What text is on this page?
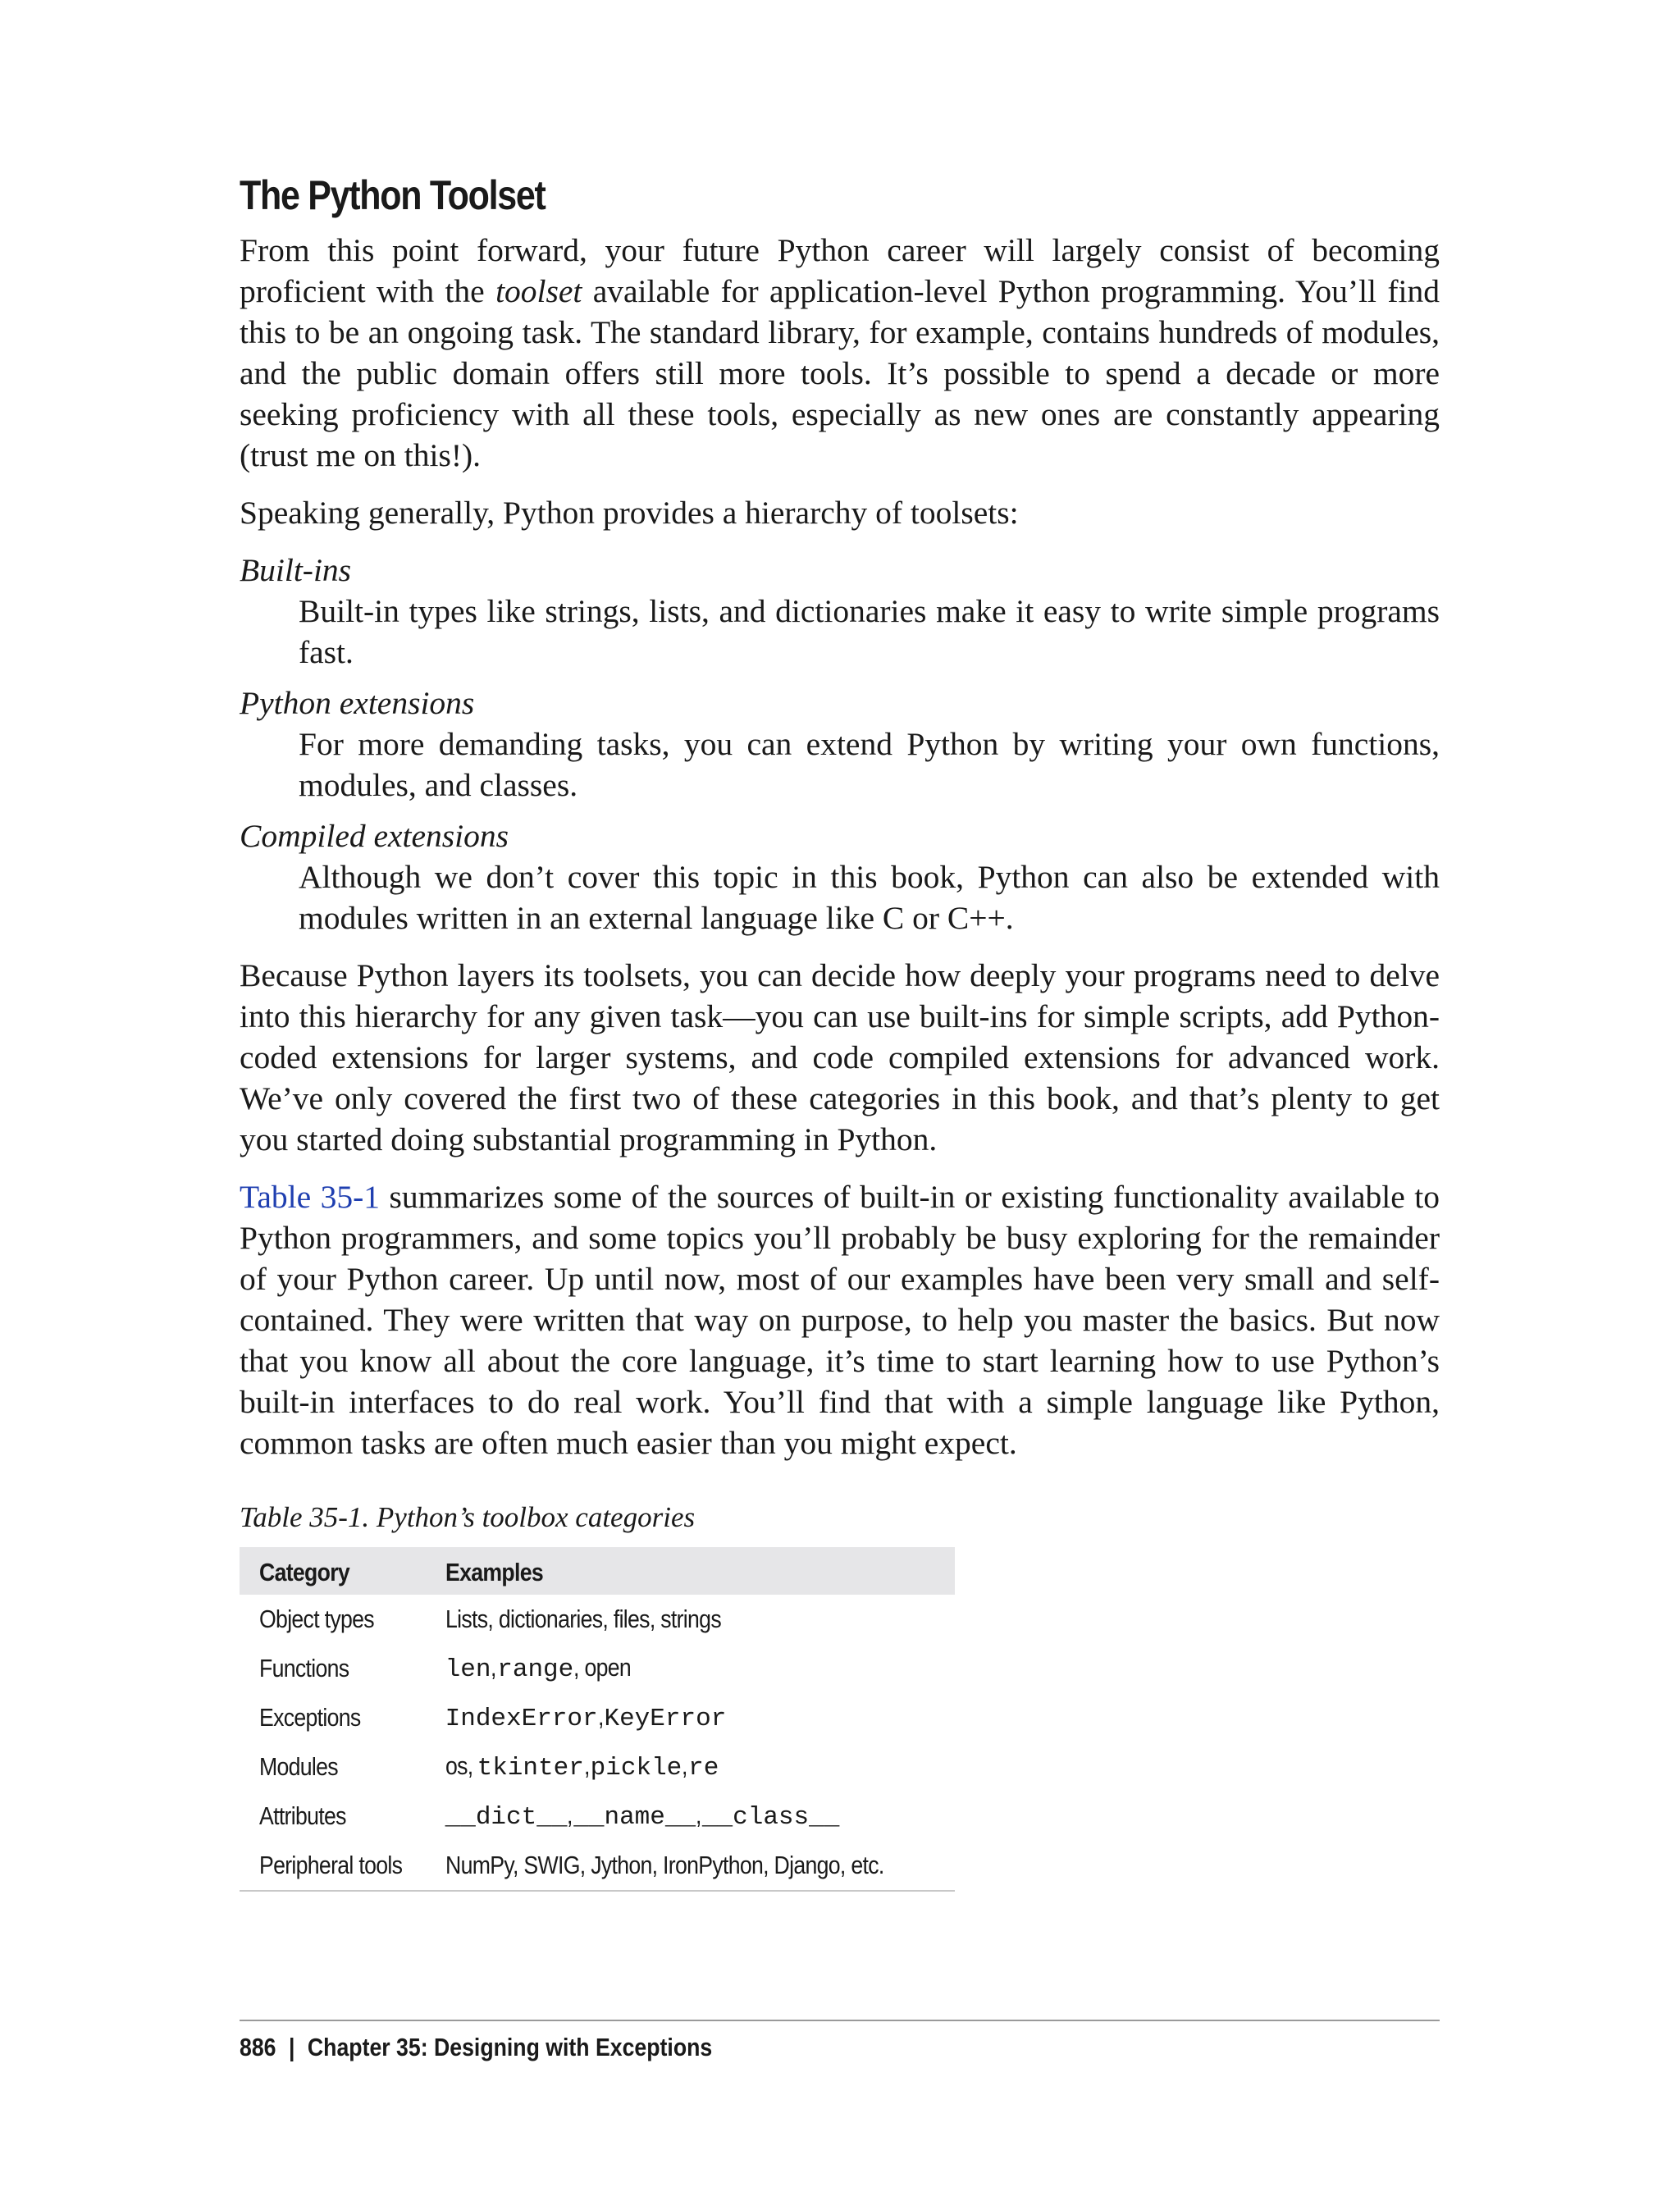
The Python Toolset

From this point forward, your future Python career will largely consist of becoming proficient with the toolset available for application-level Python programming. You’ll find this to be an ongoing task. The standard library, for example, contains hundreds of modules, and the public domain offers still more tools. It’s possible to spend a decade or more seeking proficiency with all these tools, especially as new ones are constantly appearing (trust me on this!).

Speaking generally, Python provides a hierarchy of toolsets:

Built-ins
Built-in types like strings, lists, and dictionaries make it easy to write simple programs fast.
Python extensions
For more demanding tasks, you can extend Python by writing your own functions, modules, and classes.
Compiled extensions
Although we don’t cover this topic in this book, Python can also be extended with modules written in an external language like C or C++.

Because Python layers its toolsets, you can decide how deeply your programs need to delve into this hierarchy for any given task—you can use built-ins for simple scripts, add Python-coded extensions for larger systems, and code compiled extensions for advanced work. We’ve only covered the first two of these categories in this book, and that’s plenty to get you started doing substantial programming in Python.

Table 35-1 summarizes some of the sources of built-in or existing functionality available to Python programmers, and some topics you’ll probably be busy exploring for the remainder of your Python career. Up until now, most of our examples have been very small and self-contained. They were written that way on purpose, to help you master the basics. But now that you know all about the core language, it’s time to start learning how to use Python’s built-in interfaces to do real work. You’ll find that with a simple language like Python, common tasks are often much easier than you might expect.

Table 35-1. Python’s toolbox categories
Category	Examples
Object types	Lists, dictionaries, files, strings
Functions	len,range, open
Exceptions	IndexError,KeyError
Modules	os,tkinter,pickle,re
Attributes	__dict__,__name__,__class__
Peripheral tools	NumPy, SWIG, Jython, IronPython, Django, etc.
886 | Chapter 35: Designing with Exceptions
